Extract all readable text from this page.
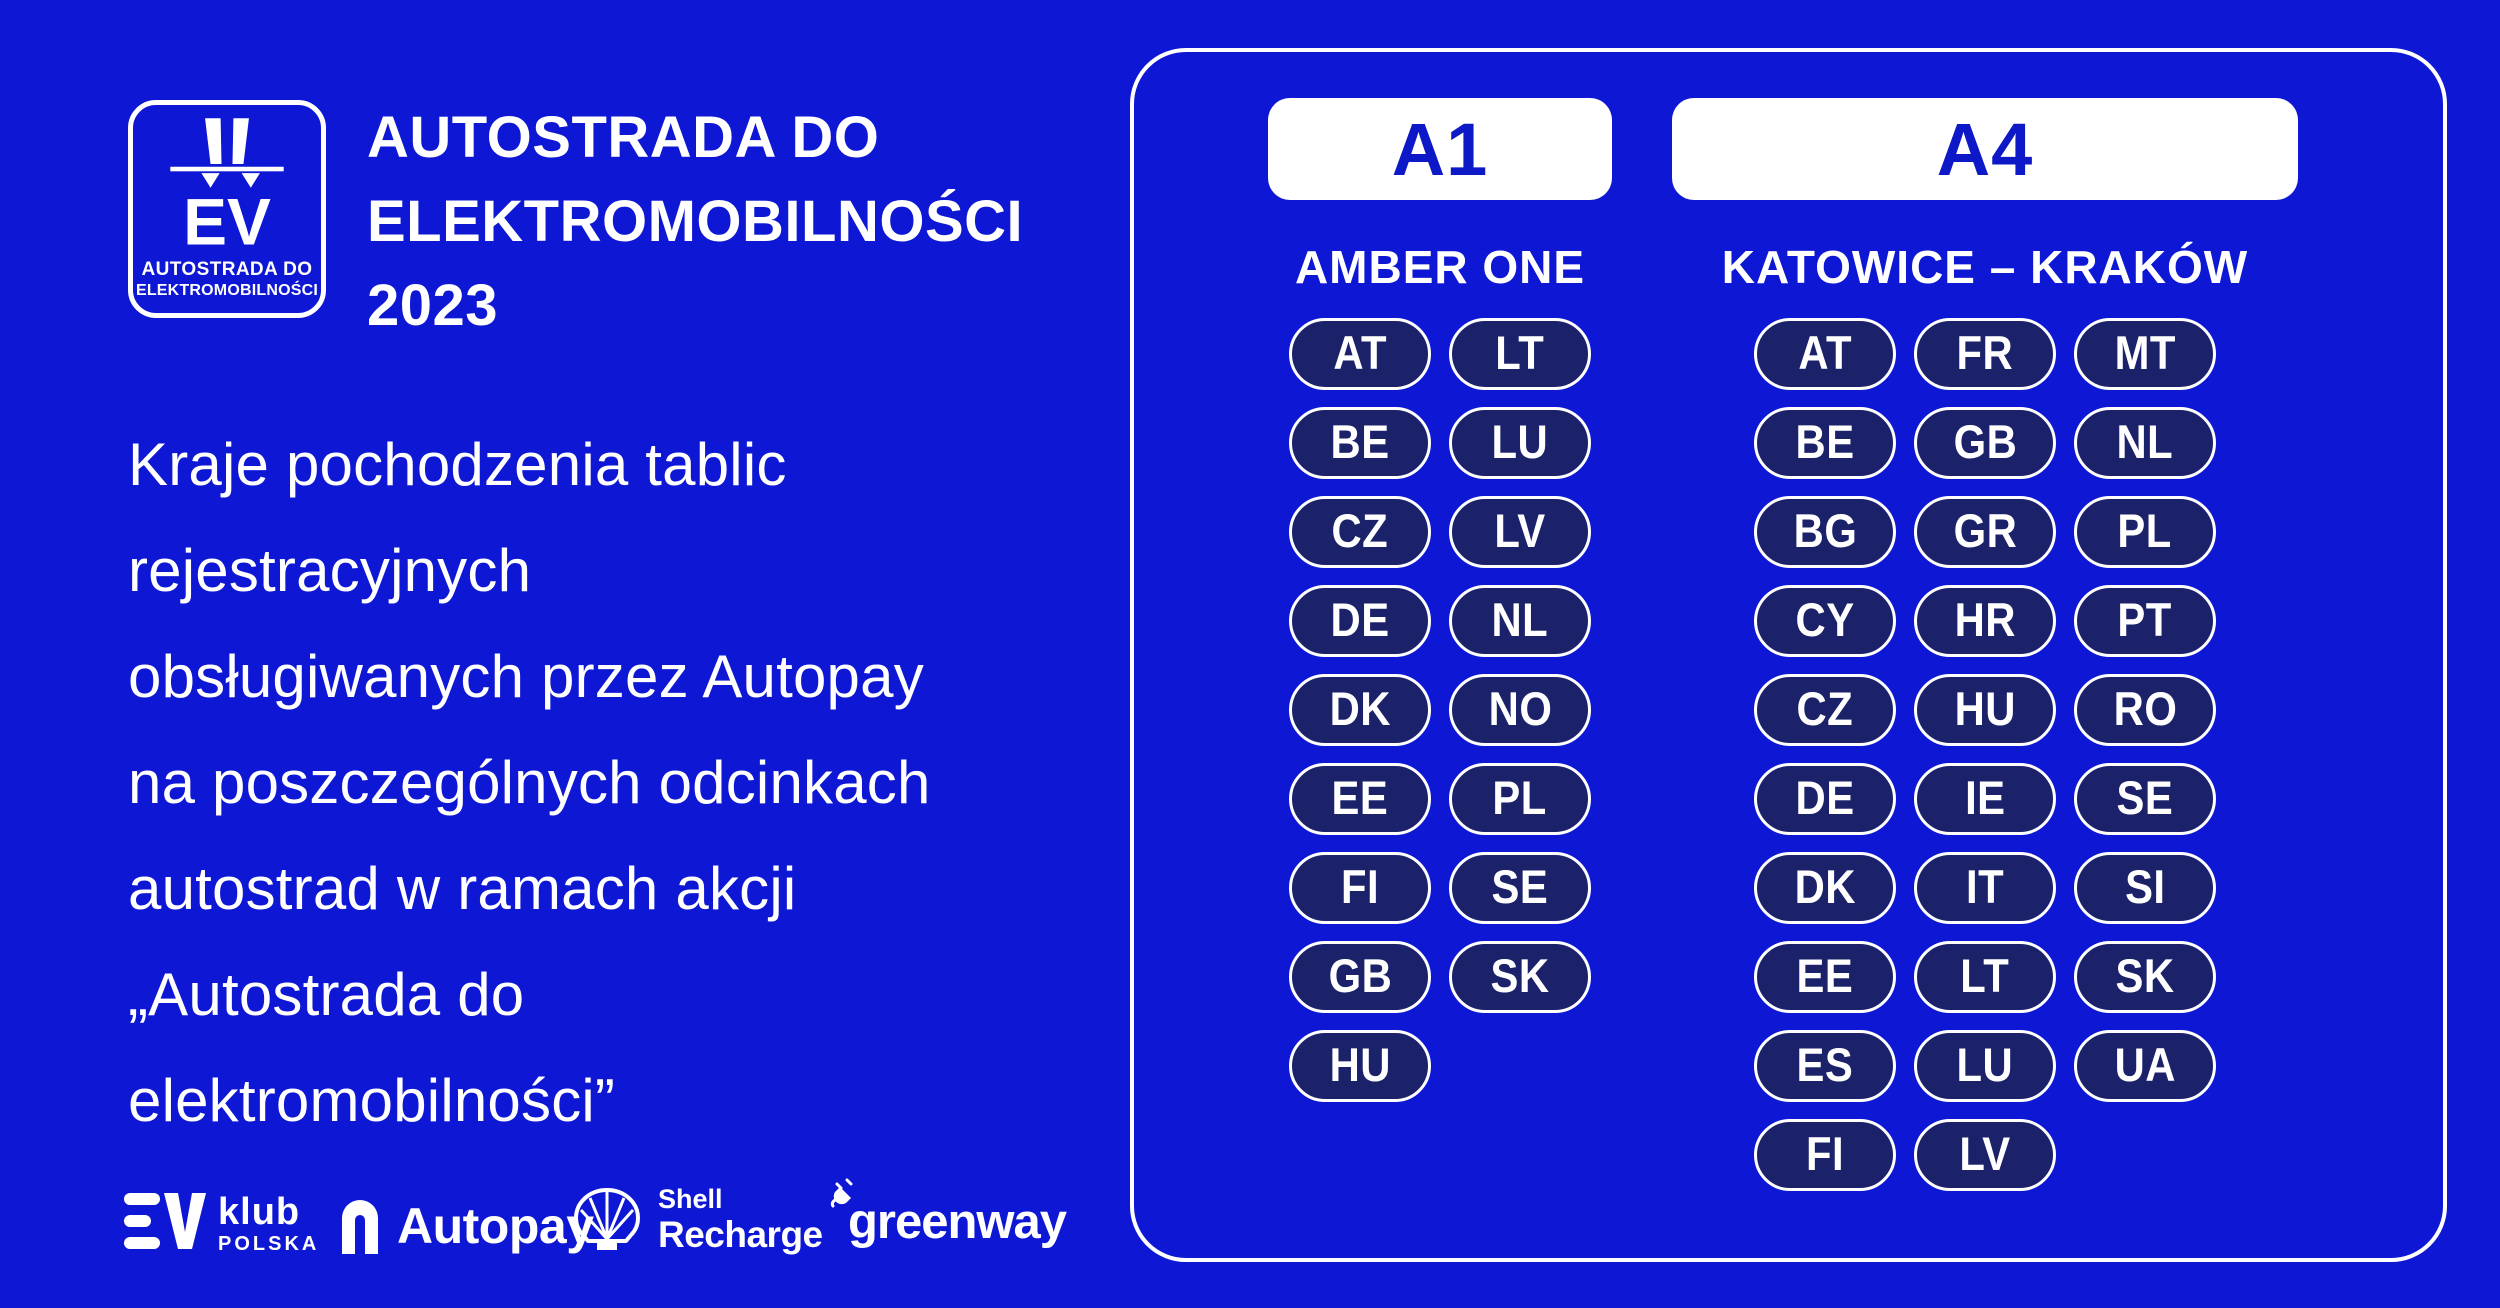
EV
AUTOSTRADA DO
ELEKTROMOBILNOŚCI
AUTOSTRADA DO
ELEKTROMOBILNOŚCI
2023
Kraje pochodzenia tablic
rejestracyjnych
obsługiwanych przez Autopay
na poszczególnych odcinkach
autostrad w ramach akcji
„Autostrada do
elektromobilności”
klub
POLSKA Autopay Shell
Recharge greenway
A1	A4
AMBER ONE	KATOWICE – KRAKÓW
AT
BE
CZ
DE
DK
EE
FI
GB
HU
LT
LU
LV
NL
NO
PL
SE
SK
AT
BE
BG
CY
CZ
DE
DK
EE
ES
FI
FR
GB
GR
HR
HU
IE
IT
LT
LU
LV
MT
NL
PL
PT
RO
SE
SI
SK
UA
